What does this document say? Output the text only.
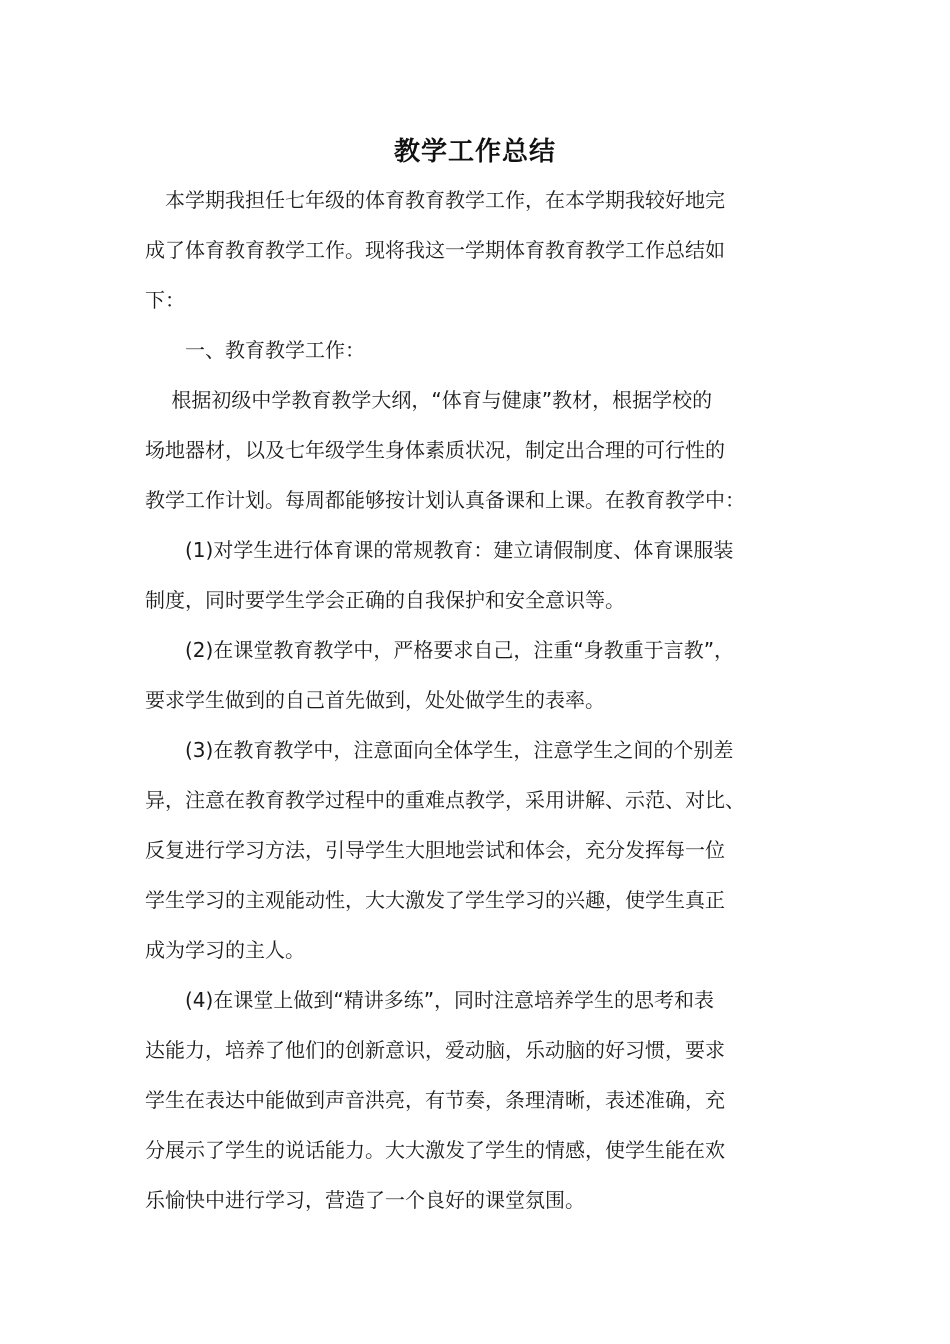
教学工作总结
　本学期我担任七年级的体育教育教学工作，在本学期我较好地完
成了体育教育教学工作。现将我这一学期体育教育教学工作总结如
下：
　　一、教育教学工作：
　 根据初级中学教育教学大纲，“体育与健康”教材，根据学校的
场地器材，以及七年级学生身体素质状况，制定出合理的可行性的
教学工作计划。每周都能够按计划认真备课和上课。在教育教学中：
　　(1)对学生进行体育课的常规教育：建立请假制度、体育课服装
制度，同时要学生学会正确的自我保护和安全意识等。
　　(2)在课堂教育教学中，严格要求自己，注重“身教重于言教”，
要求学生做到的自己首先做到，处处做学生的表率。
　　(3)在教育教学中，注意面向全体学生，注意学生之间的个别差
异，注意在教育教学过程中的重难点教学，采用讲解、示范、对比、
反复进行学习方法，引导学生大胆地尝试和体会，充分发挥每一位
学生学习的主观能动性，大大激发了学生学习的兴趣，使学生真正
成为学习的主人。
　　(4)在课堂上做到“精讲多练”，同时注意培养学生的思考和表
达能力，培养了他们的创新意识，爱动脑，乐动脑的好习惯，要求
学生在表达中能做到声音洪亮，有节奏，条理清晰，表述准确，充
分展示了学生的说话能力。大大激发了学生的情感，使学生能在欢
乐愉快中进行学习，营造了一个良好的课堂氛围。
